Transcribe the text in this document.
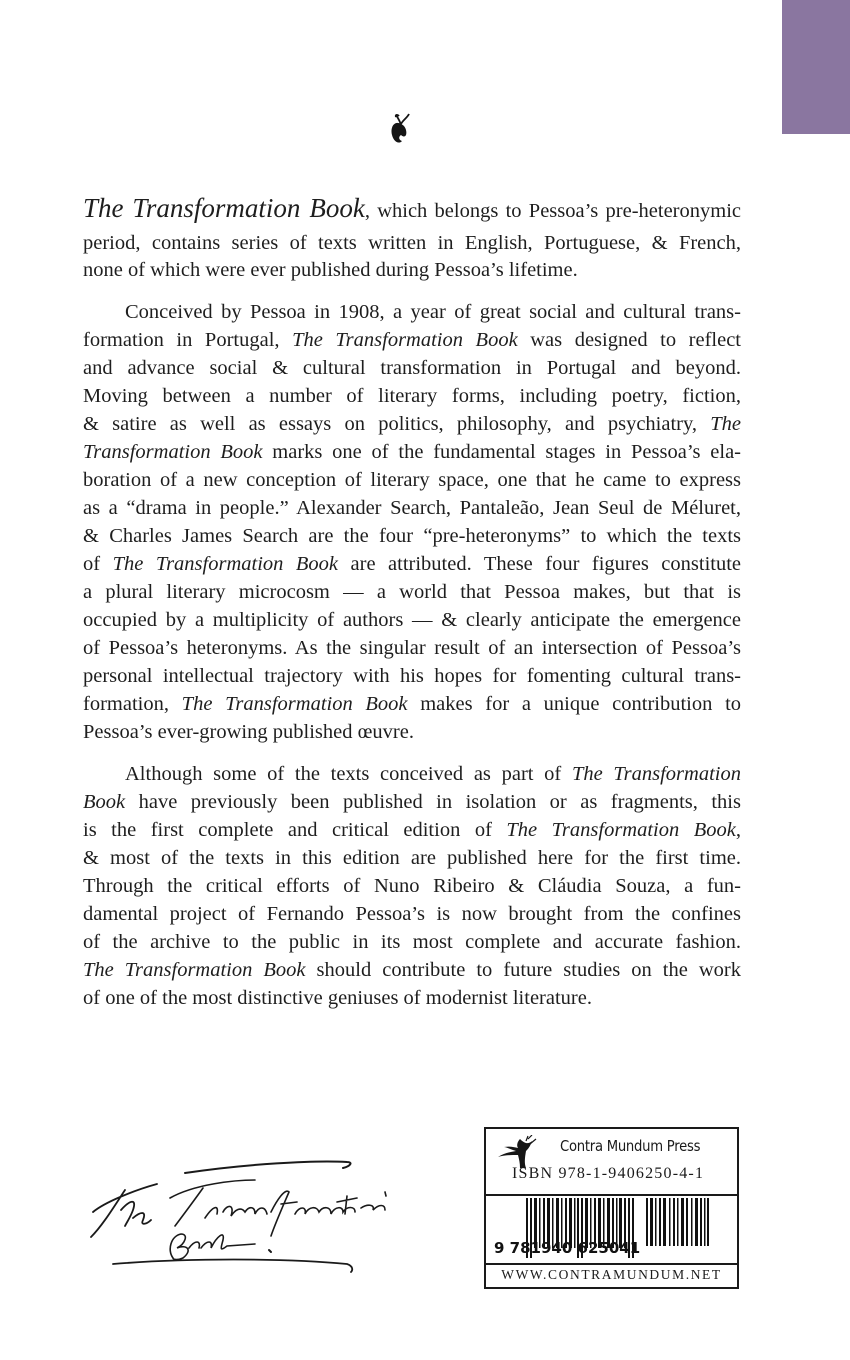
The Transformation Book, which belongs to Pessoa’s pre-heteronymic
period, contains series of texts written in English, Portuguese, & French,
none of which were ever published during Pessoa’s lifetime.
Conceived by Pessoa in 1908, a year of great social and cultural trans-
formation in Portugal, The Transformation Book was designed to reflect
and advance social & cultural transformation in Portugal and beyond.
Moving between a number of literary forms, including poetry, fiction,
& satire as well as essays on politics, philosophy, and psychiatry, The
Transformation Book marks one of the fundamental stages in Pessoa’s ela-
boration of a new conception of literary space, one that he came to express
as a “drama in people.” Alexander Search, Pantaleão, Jean Seul de Méluret,
& Charles James Search are the four “pre-heteronyms” to which the texts
of The Transformation Book are attributed. These four figures constitute
a plural literary microcosm — a world that Pessoa makes, but that is
occupied by a multiplicity of authors — & clearly anticipate the emergence
of Pessoa’s heteronyms. As the singular result of an intersection of Pessoa’s
personal intellectual trajectory with his hopes for fomenting cultural trans-
formation, The Transformation Book makes for a unique contribution to
Pessoa’s ever-growing published œuvre.
Although some of the texts conceived as part of The Transformation
Book have previously been published in isolation or as fragments, this
is the first complete and critical edition of The Transformation Book,
& most of the texts in this edition are published here for the first time.
Through the critical efforts of Nuno Ribeiro & Cláudia Souza, a fun-
damental project of Fernando Pessoa’s is now brought from the confines
of the archive to the public in its most complete and accurate fashion.
The Transformation Book should contribute to future studies on the work
of one of the most distinctive geniuses of modernist literature.
Contra Mundum Press
ISBN 978-1-9406250-4-1
9 781940 625041
WWW.CONTRAMUNDUM.NET
